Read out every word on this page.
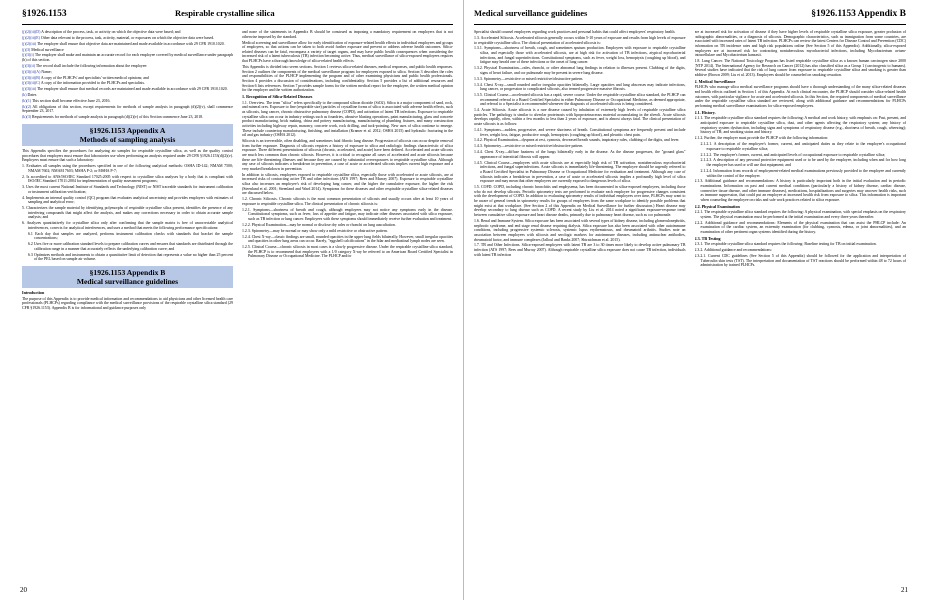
§1926.1153	Respirable crystalline silica

(j)(2)(ii)(D) A description of the process, task, or activity on which the objective data were based; and

(j)(2)(ii)(E) Other data relevant to the process, task, activity, material, or exposures on which the objective data were based.

(j)(2)(iii) The employer shall ensure that objective data are maintained and made available in accordance with 29 CFR 1910.1020.

(j)(3) Medical surveillance

(j)(3)(i) The employer shall make and maintain an accurate record for each employee covered by medical surveillance under paragraph (h) of this section.

(j)(3)(ii) The record shall include the following information about the employee:

(j)(3)(ii)(A) Name;

(j)(3)(ii)(B) A copy of the PLHCPs' and specialists' written medical opinions; and

(j)(3)(ii)(C) A copy of the information provided to the PLHCPs and specialists.

(j)(3)(iii) The employer shall ensure that medical records are maintained and made available in accordance with 29 CFR 1910.1020.

(k) Dates

(k)(1) This section shall become effective June 23, 2016.

(k)(2) All obligations of this section, except requirements for methods of sample analysis in paragraph (d)(2)(v), shall commence September 23, 2017.

(k)(3) Requirements for methods of sample analysis in paragraph (d)(2)(v) of this Section commence June 23, 2018.

§1926.1153 Appendix A
Methods of sampling analysis

This Appendix specifies the procedures for analyzing air samples for respirable crystalline silica, as well as the quality control procedures that employers must ensure that laboratories use when performing an analysis required under 29 CFR §1926.1153(d)(2)(v). Employers must ensure that such a laboratory:

1. Evaluates all samples using the procedures specified in one of the following analytical methods: OSHA ID-142; NMAM 7500; NMAM 7602; NMAM 7603; MSHA P-2; or MSHA P-7;

2. Is accredited to ANS/ISO/IEC Standard 17025:2005 with respect to crystalline silica analyses by a body that is compliant with ISO/IEC Standard 17011:2004 for implementation of quality assessment programs;

3. Uses the most current National Institute of Standards and Technology (NIST) or NIST traceable standards for instrument calibration or instrument calibration verification;

4. Implements an internal quality control (QC) program that evaluates analytical uncertainty and provides employers with estimates of sampling and analytical error;

5. Characterizes the sample material by identifying polymorphs of respirable crystalline silica present, identifies the presence of any interfering compounds that might affect the analysis, and makes any corrections necessary in order to obtain accurate sample analysis; and

6. Analyzes quantitatively for crystalline silica only after confirming that the sample matrix is free of uncorrectable analytical interferences, corrects for analytical interferences, and uses a method that meets the following performance specifications:

6.1 Each day that samples are analyzed, performs instrument calibration checks with standards that bracket the sample concentrations;

6.2 Uses five or more calibration standard levels to prepare calibration curves and ensures that standards are distributed through the calibration range in a manner that accurately reflects the underlying calibration curve; and

6.3 Optimizes methods and instruments to obtain a quantitative limit of detection that represents a value no higher than 25 percent of the PEL based on sample air volume.

§1926.1153 Appendix B
Medical surveillance guidelines

Introduction

The purpose of this Appendix is to provide medical information and recommendations to aid physicians and other licensed health care professionals (PLHCPs) regarding compliance with the medical surveillance provisions of the respirable crystalline silica standard (29 CFR §1926.1153). Appendix B is for informational and guidance purposes only

and none of the statements in Appendix B should be construed as imposing a mandatory requirement on employers that is not otherwise imposed by the standard.

Medical screening and surveillance allow for early identification of exposure-related health effects in individual employees and groups of employees, so that actions can be taken to both avoid further exposure and prevent or address adverse health outcomes. Silica-related diseases can be fatal, encompass a variety of target organs, and may have public health consequences when considering the increased risk of a latent tuberculosis (TB) infection becoming active. Thus, medical surveillance of silica-exposed employees requires that PLHCPs have a thorough knowledge of silica-related health effects.

This Appendix is divided into seven sections. Section 1 reviews silica-related diseases, medical responses, and public health responses. Section 2 outlines the components of the medical surveillance program for employees exposed to silica. Section 3 describes the roles and responsibilities of the PLHCP implementing the program and of other examining physicians and public health professionals. Section 4 provides a discussion of considerations, including confidentiality. Section 5 provides a list of additional resources and Section 6 lists references. Section 7 provides sample forms for the written medical report for the employee, the written medical opinion for the employer and the written authorization.

1. Recognition of Silica-Related Diseases

1.1. Overview. The term "silica" refers specifically to the compound silicon dioxide (SiO2). Silica is a major component of sand, rock, and mineral ores. Exposure to fine (respirable size) particles of crystalline forms of silica is associated with adverse health effects, such as silicosis, lung cancer, chronic obstructive pulmonary disease (COPD), and activation of latent TB infections. Exposure to respirable crystalline silica can occur in industry settings such as foundries, abrasive blasting operations, paint manufacturing, glass and concrete product manufacturing, brick making, china and pottery manufacturing, manufacturing of plumbing fixtures, and many construction activities including highway repair, masonry, concrete work, rock drilling, and tuck-pointing. New uses of silica continue to emerge. These include countertop manufacturing, finishing, and installation (Kramer et al. 2012; OSHA 2015) and hydraulic fracturing in the oil and gas industry (OSHA 2012).

Silicosis is an irreversible, often disabling, and sometimes fatal fibrotic lung disease. Progression of silicosis can occur despite removal from further exposure. Diagnosis of silicosis requires a history of exposure to silica and radiologic findings characteristic of silica exposure. Three different presentations of silicosis (chronic, accelerated, and acute) have been defined. Accelerated and acute silicosis are much less common than chronic silicosis. However, it is critical to recognize all cases of accelerated and acute silicosis because these are life-threatening illnesses and because they are caused by substantial overexposures to respirable crystalline silica. Although any case of silicosis indicates a breakdown in prevention, a case of acute or accelerated silicosis implies current high exposure and a very marked breakdown in prevention.

In addition to silicosis, employees exposed to respirable crystalline silica, especially those with accelerated or acute silicosis, are at increased risks of contracting active TB and other infections (ATS 1997; Rees and Murray 2007). Exposure to respirable crystalline silica also increases an employee's risk of developing lung cancer, and the higher the cumulative exposure, the higher the risk (Steenland et al. 2001; Steenland and Ward 2014). Symptoms for these diseases and other respirable crystalline silica-related diseases are discussed below.

1.2. Chronic Silicosis. Chronic silicosis is the most common presentation of silicosis and usually occurs after at least 10 years of exposure to respirable crystalline silica. The clinical presentation of chronic silicosis is:

1.2.1. Symptoms—shortness of breath and cough, although employees may not notice any symptoms early in the disease. Constitutional symptoms, such as fever, loss of appetite and fatigue, may indicate other diseases associated with silica exposure, such as TB infection or lung cancer. Employees with these symptoms should immediately receive further evaluation and treatment.

1.2.2. Physical Examination—may be normal or disclose dry rales or rhonchi on lung auscultation.

1.2.3. Spirometry—may be normal or may show only a mild restrictive or obstructive pattern.

1.2.4. Chest X-ray—classic findings are small, rounded opacities in the upper lung fields bilaterally. However, small irregular opacities and opacities in other lung areas can occur. Rarely, "eggshell calcifications" in the hilar and mediastinal lymph nodes are seen.

1.2.5. Clinical Course—chronic silicosis in most cases is a slowly progressive disease. Under the respirable crystalline silica standard, the PLHCP is to recommend that employees with a 1/0 category X-ray be referred to an American Board Certified Specialist in Pulmonary Disease or Occupational Medicine. The PLHCP and/or

20
Medical surveillance guidelines	§1926.1153 Appendix B

Specialist should counsel employees regarding work practices and personal habits that could affect employees' respiratory health.

1.3. Accelerated Silicosis. Accelerated silicosis generally occurs within 5-10 years of exposure and results from high levels of exposure to respirable crystalline silica. The clinical presentation of accelerated silicosis is:

1.3.1. Symptoms—shortness of breath, cough, and sometimes sputum production. Employees with exposure to respirable crystalline silica, and especially those with accelerated silicosis, are at high risk for activation of TB infections, atypical mycobacterial infections, and fungal superinfections. Constitutional symptoms, such as fever, weight loss, hemoptysis (coughing up blood), and fatigue may herald one of these infections or the onset of lung cancer.

1.3.2. Physical Examination—rales, rhonchi, or other abnormal lung findings in relation to illnesses present. Clubbing of the digits, signs of heart failure, and cor pulmonale may be present in severe lung disease.

1.3.3. Spirometry—restrictive or mixed restrictive/obstructive pattern.

1.3.4. Chest X-ray—small rounded and/or irregular opacities bilaterally. Large opacities and lung abscesses may indicate infections, lung cancer, or progression to complicated silicosis, also termed progressive massive fibrosis.

1.3.5. Clinical Course—accelerated silicosis has a rapid, severe course. Under the respirable crystalline silica standard, the PLHCP can recommend referral to a Board Certified Specialist in either Pulmonary Disease or Occupational Medicine, as deemed appropriate, and referral to a Specialist is recommended whenever the diagnosis of accelerated silicosis is being considered.

1.4. Acute Silicosis. Acute silicosis is a rare disease caused by inhalation of extremely high levels of respirable crystalline silica particles. The pathology is similar to alveolar proteinosis with lipoproteinaceous material accumulating in the alveoli. Acute silicosis develops rapidly, often, within a few months to less than 2 years of exposure, and is almost always fatal. The clinical presentation of acute silicosis is as follows:

1.4.1. Symptoms—sudden, progressive, and severe shortness of breath. Constitutional symptoms are frequently present and include fever, weight loss, fatigue, productive cough, hemoptysis (coughing up blood), and pleuritic chest pain.

1.4.2. Physical Examination—dyspnea at rest, cyanosis, decreased breath sounds, inspiratory rales, clubbing of the digits, and fever.

1.4.3. Spirometry—restrictive or mixed restrictive/obstructive pattern.

1.4.4. Chest X-ray—diffuse haziness of the lungs bilaterally early in the disease. As the disease progresses, the "ground glass" appearance of interstitial fibrosis will appear.

1.4.5. Clinical Course—employees with acute silicosis are at especially high risk of TB activation, nontuberculous mycobacterial infections, and fungal superinfections. Acute silicosis is immediately life-threatening. The employee should be urgently referred to a Board Certified Specialist in Pulmonary Disease or Occupational Medicine for evaluation and treatment. Although any case of silicosis indicates a breakdown in prevention, a case of acute or accelerated silicosis implies a profoundly high level of silica exposure and may mean that other employees are currently exposed to dangerous levels of silica.

1.5. COPD. COPD, including chronic bronchitis and emphysema, has been documented in silica-exposed employees, including those who do not develop silicosis. Periodic spirometry tests are performed to evaluate each employee for progressive changes consistent with the development of COPD. In addition to evaluating spirometry results of individual employees over time, PLHCPs may want to be aware of general trends in spirometry results for groups of employees from the same workplace to identify possible problems that might exist at that workplace. (See Section 2 of this Appendix on Medical Surveillance for further discussion.) Heart disease may develop secondary to lung disease such as COPD. A recent study by Liu et al. 2014 noted a significant exposure-response trend between cumulative silica exposure and heart disease deaths, primarily due to pulmonary heart disease, such as cor pulmonale.

1.6. Renal and Immune System. Silica exposure has been associated with several types of kidney disease, including glomerulonephritis, nephrotic syndrome, and end stage renal disease requiring dialysis. Silica exposure has also been associated with other autoimmune conditions, including progressive systemic sclerosis, systemic lupus erythematosus, and rheumatoid arthritis. Studies note an association between employees with silicosis and serologic markers for autoimmune diseases, including antinuclear antibodies, rheumatoid factor, and immune complexes (Jalloul and Banks 2007; Shtraichman et al. 2015).

1.7. TB and Other Infections. Silica-exposed employees with latent TB are 3 to 30 times more likely to develop active pulmonary TB infection (ATS 1997; Rees and Murray 2007). Although respirable crystalline silica exposure does not cause TB infection, individuals with latent TB infection

are at increased risk for activation of disease if they have higher levels of respirable crystalline silica exposure, greater profusion of radiographic abnormalities, or a diagnosis of silicosis. Demographic characteristics, such as immigration from some countries, are associated with increased rates of latent TB infection. PLHCPs can review the latest Centers for Disease Control and Prevention (CDC) information on TB incidence rates and high risk populations online (See Section 5 of this Appendix). Additionally, silica-exposed employees are at increased risk for contracting nontuberculous mycobacterial infections, including Mycobacterium avium-intracellulare and Mycobacterium kansasii.

1.8. Lung Cancer. The National Toxicology Program has listed respirable crystalline silica as a known human carcinogen since 2000 (NTP 2014). The International Agency for Research on Cancer (2012) has also classified silica as a Group 1 (carcinogenic to humans). Several studies have indicated that the risk of lung cancer from exposure to respirable crystalline silica and smoking is greater than additive (Brown 2009; Liu et al. 2013). Employees should be counseled on smoking cessation.

2. Medical Surveillance

PLHCPs who manage silica medical surveillance programs should have a thorough understanding of the many silica-related diseases and health effects outlined in Section 1 of this Appendix. At each clinical encounter, the PLHCP should consider silica-related health outcomes, with particular vigilance for acute and accelerated silicosis. In this Section, the required components of medical surveillance under the respirable crystalline silica standard are reviewed, along with additional guidance and recommendations for PLHCPs performing medical surveillance examinations for silica-exposed employees.

2.1. History.

2.1.1. The respirable crystalline silica standard requires the following: A medical and work history, with emphasis on: Past, present, and anticipated exposure to respirable crystalline silica, dust, and other agents affecting the respiratory system; any history of respiratory system dysfunction, including signs and symptoms of respiratory disease (e.g., shortness of breath, cough, wheezing); history of TB; and smoking status and history.

2.1.2. Further, the employer must provide the PLHCP with the following information:

2.1.2.1. A description of the employee's former, current, and anticipated duties as they relate to the employee's occupational exposure to respirable crystalline silica;

2.1.2.2. The employee's former, current, and anticipated levels of occupational exposure to respirable crystalline silica;

2.1.2.3. A description of any personal protective equipment used or to be used by the employee, including when and for how long the employee has used or will use that equipment; and

2.1.2.4. Information from records of employment-related medical examinations previously provided to the employee and currently within the control of the employer.

2.1.3. Additional guidance and recommendations: A history is particularly important both in the initial evaluation and in periodic examinations. Information on past and current medical conditions (particularly a history of kidney disease, cardiac disease, connective tissue disease, and other immune diseases), medications, hospitalizations and surgeries may uncover health risks, such as immune suppression, that could put an employee at increased health risk from exposure to silica. This information is important when counseling the employee on risks and safe work practices related to silica exposure.

2.2. Physical Examination

2.2.1. The respirable crystalline silica standard requires the following: A physical examination, with special emphasis on the respiratory system. The physical examination must be performed at the initial examination and every three years thereafter.

2.2.2. Additional guidance and recommendations: Elements of the physical examination that can assist the PHLCP include: An examination of the cardiac system, an extremity examination (for clubbing, cyanosis, edema, or joint abnormalities), and an examination of other pertinent organ systems identified during the history.

2.3. TB Testing

2.3.1. The respirable crystalline silica standard requires the following: Baseline testing for TB on initial examination.

2.3.2. Additional guidance and recommendations:

2.3.2.1. Current CDC guidelines (See Section 5 of this Appendix) should be followed for the application and interpretation of Tuberculin skin tests (TST). The interpretation and documentation of TST reactions should be performed within 48 to 72 hours of administration by trained PLHCPs.

21
